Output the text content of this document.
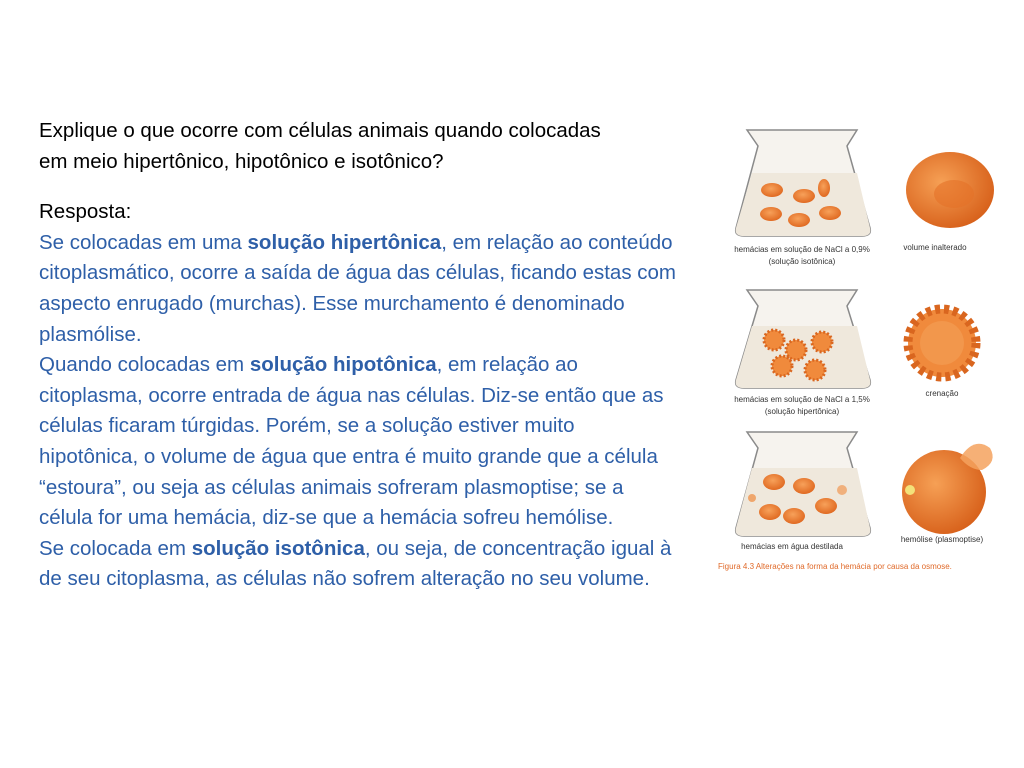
Explique o que ocorre com células animais quando colocadas
em meio hipertônico, hipotônico e isotônico?

Resposta:

Se colocadas em uma solução hipertônica, em relação ao conteúdo citoplasmático, ocorre a saída de água das células, ficando estas com aspecto enrugado (murchas). Esse murchamento é denominado plasmólise.

Quando colocadas em solução hipotônica, em relação ao citoplasma, ocorre entrada de água nas células. Diz-se então que as células ficaram túrgidas. Porém, se a solução estiver muito hipotônica, o volume de água que entra é muito grande que a célula “estoura”, ou seja as células animais sofreram plasmoptise; se a célula for uma hemácia, diz-se que a hemácia sofreu hemólise.

Se colocada em solução isotônica, ou seja, de concentração igual à de seu citoplasma, as células não sofrem alteração no seu volume.

hemácias em solução de NaCl a 0,9%
(solução isotônica)
volume inalterado
hemácias em solução de NaCl a 1,5%
(solução hipertônica)
crenação
hemácias em água destilada
hemólise (plasmoptise)
Figura 4.3 Alterações na forma da hemácia por causa da osmose.
